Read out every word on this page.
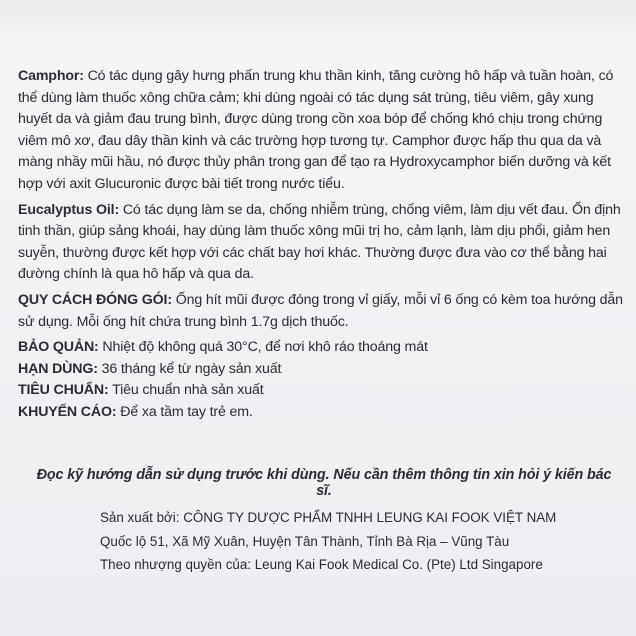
Camphor: Có tác dụng gây hưng phấn trung khu thần kinh, tăng cường hô hấp và tuần hoàn, có thể dùng làm thuốc xông chữa cảm; khi dùng ngoài có tác dụng sát trùng, tiêu viêm, gây xung huyết da và giảm đau trung bình, được dùng trong cồn xoa bóp để chống khó chịu trong chứng viêm mô xơ, đau dây thần kinh và các trường hợp tương tự. Camphor được hấp thu qua da và màng nhầy mũi hầu, nó được thủy phân trong gan để tạo ra Hydroxycamphor biến dưỡng và kết hợp với axit Glucuronic được bài tiết trong nước tiểu.

Eucalyptus Oil: Có tác dụng làm se da, chống nhiễm trùng, chống viêm, làm dịu vết đau. Ổn định tinh thần, giúp sảng khoái, hay dùng làm thuốc xông mũi trị ho, cảm lạnh, làm dịu phổi, giảm hen suyễn, thường được kết hợp với các chất bay hơi khác. Thường được đưa vào cơ thể bằng hai đường chính là qua hô hấp và qua da.

QUY CÁCH ĐÓNG GÓI: Ống hít mũi được đóng trong vỉ giấy, mỗi vỉ 6 ống có kèm toa hướng dẫn sử dụng. Mỗi ống hít chứa trung bình 1.7g dịch thuốc.

BẢO QUẢN: Nhiệt độ không quá 30°C, để nơi khô ráo thoáng mát

HẠN DÙNG: 36 tháng kể từ ngày sản xuất

TIÊU CHUẨN: Tiêu chuẩn nhà sản xuất

KHUYẾN CÁO: Để xa tầm tay trẻ em.

Đọc kỹ hướng dẫn sử dụng trước khi dùng. Nếu cần thêm thông tin xin hỏi ý kiến bác sĩ.

Sản xuất bởi: CÔNG TY DƯỢC PHẨM TNHH LEUNG KAI FOOK VIỆT NAM

Quốc lộ 51, Xã Mỹ Xuân, Huyện Tân Thành, Tỉnh Bà Rịa – Vũng Tàu

Theo nhượng quyền của: Leung Kai Fook Medical Co. (Pte) Ltd Singapore
